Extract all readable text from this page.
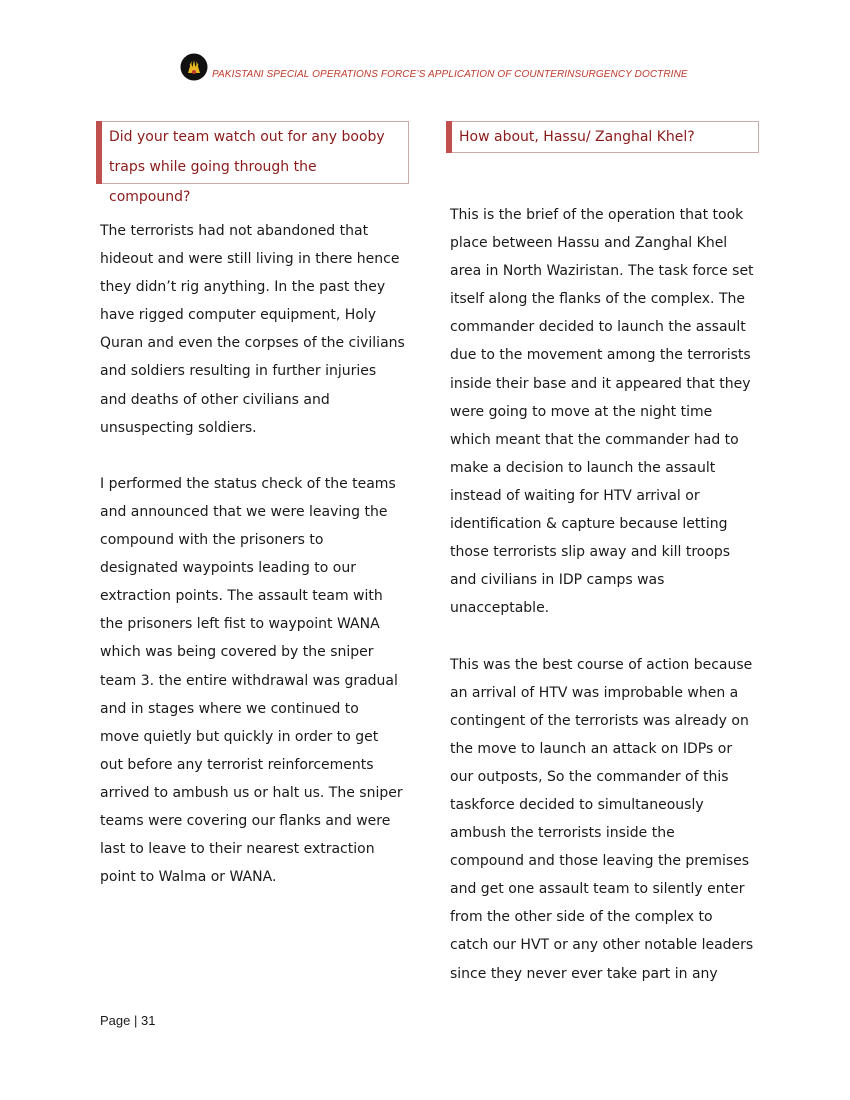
PAKISTANI SPECIAL OPERATIONS FORCE’S APPLICATION OF COUNTERINSURGENCY DOCTRINE
Did your team watch out for any booby
traps while going through the compound?
How about, Hassu/ Zanghal Khel?

The terrorists had not abandoned that
hideout and were still living in there hence
they didn’t rig anything. In the past they
have rigged computer equipment, Holy
Quran and even the corpses of the civilians
and soldiers resulting in further injuries
and deaths of other civilians and
unsuspecting soldiers.

I performed the status check of the teams
and announced that we were leaving the
compound with the prisoners to
designated waypoints leading to our
extraction points. The assault team with
the prisoners left fist to waypoint WANA
which was being covered by the sniper
team 3. the entire withdrawal was gradual
and in stages where we continued to
move quietly but quickly in order to get
out before any terrorist reinforcements
arrived to ambush us or halt us. The sniper
teams were covering our flanks and were
last to leave to their nearest extraction
point to Walma or WANA.

This is the brief of the operation that took
place between Hassu and Zanghal Khel
area in North Waziristan. The task force set
itself along the flanks of the complex. The
commander decided to launch the assault
due to the movement among the terrorists
inside their base and it appeared that they
were going to move at the night time
which meant that the commander had to
make a decision to launch the assault
instead of waiting for HTV arrival or
identification & capture because letting
those terrorists slip away and kill troops
and civilians in IDP camps was
unacceptable.

This was the best course of action because
an arrival of HTV was improbable when a
contingent of the terrorists was already on
the move to launch an attack on IDPs or
our outposts, So the commander of this
taskforce decided to simultaneously
ambush the terrorists inside the
compound and those leaving the premises
and get one assault team to silently enter
from the other side of the complex to
catch our HVT or any other notable leaders
since they never ever take part in any

Page | 31
